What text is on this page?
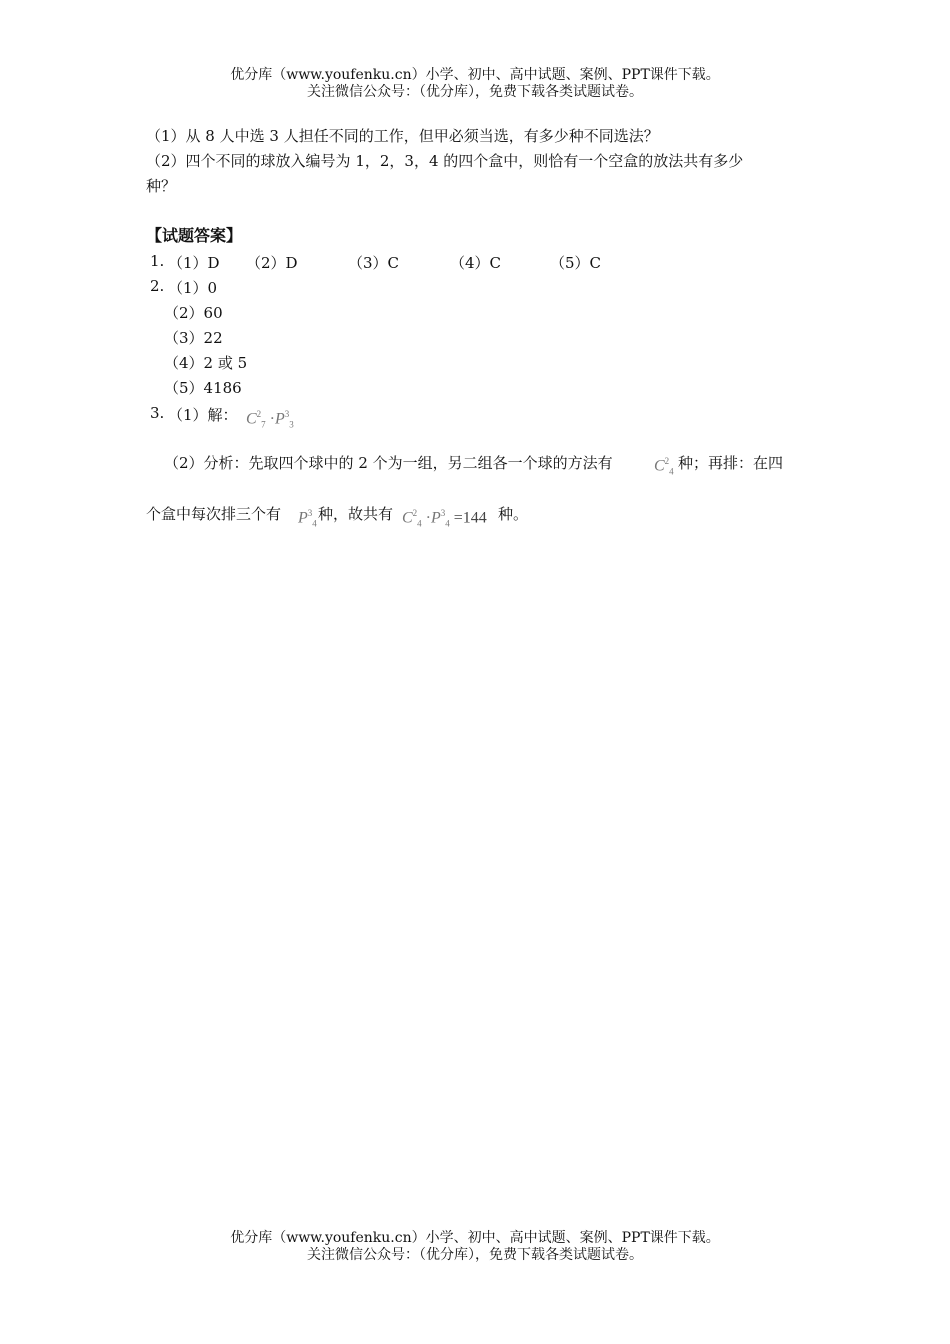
优分库（www.youfenku.cn）小学、初中、高中试题、案例、PPT课件下载。
关注微信公众号：（优分库），免费下载各类试题试卷。
（1）从 8 人中选 3 人担任不同的工作，但甲必须当选，有多少种不同选法？
（2）四个不同的球放入编号为 1，2，3，4 的四个盒中，则恰有一个空盒的放法共有多少
种？
【试题答案】
1. （1）D （2）D	（3）C	（4）C	（5）C
2. （1）0
（2）60
（3）22
（4）2 或 5
（5）4186
3. （1）解： $C^2_7 \cdot P^3_3$
（2）分析：先取四个球中的 2 个为一组，另二组各一个球的方法有	$C^2_4$ 种；再排：在四
个盒中每次排三个有 $P^3_4$
种，故共有 $C^2_4 \cdot P^3_4 =144$ 种。
优分库（www.youfenku.cn）小学、初中、高中试题、案例、PPT课件下载。
关注微信公众号：（优分库），免费下载各类试题试卷。
